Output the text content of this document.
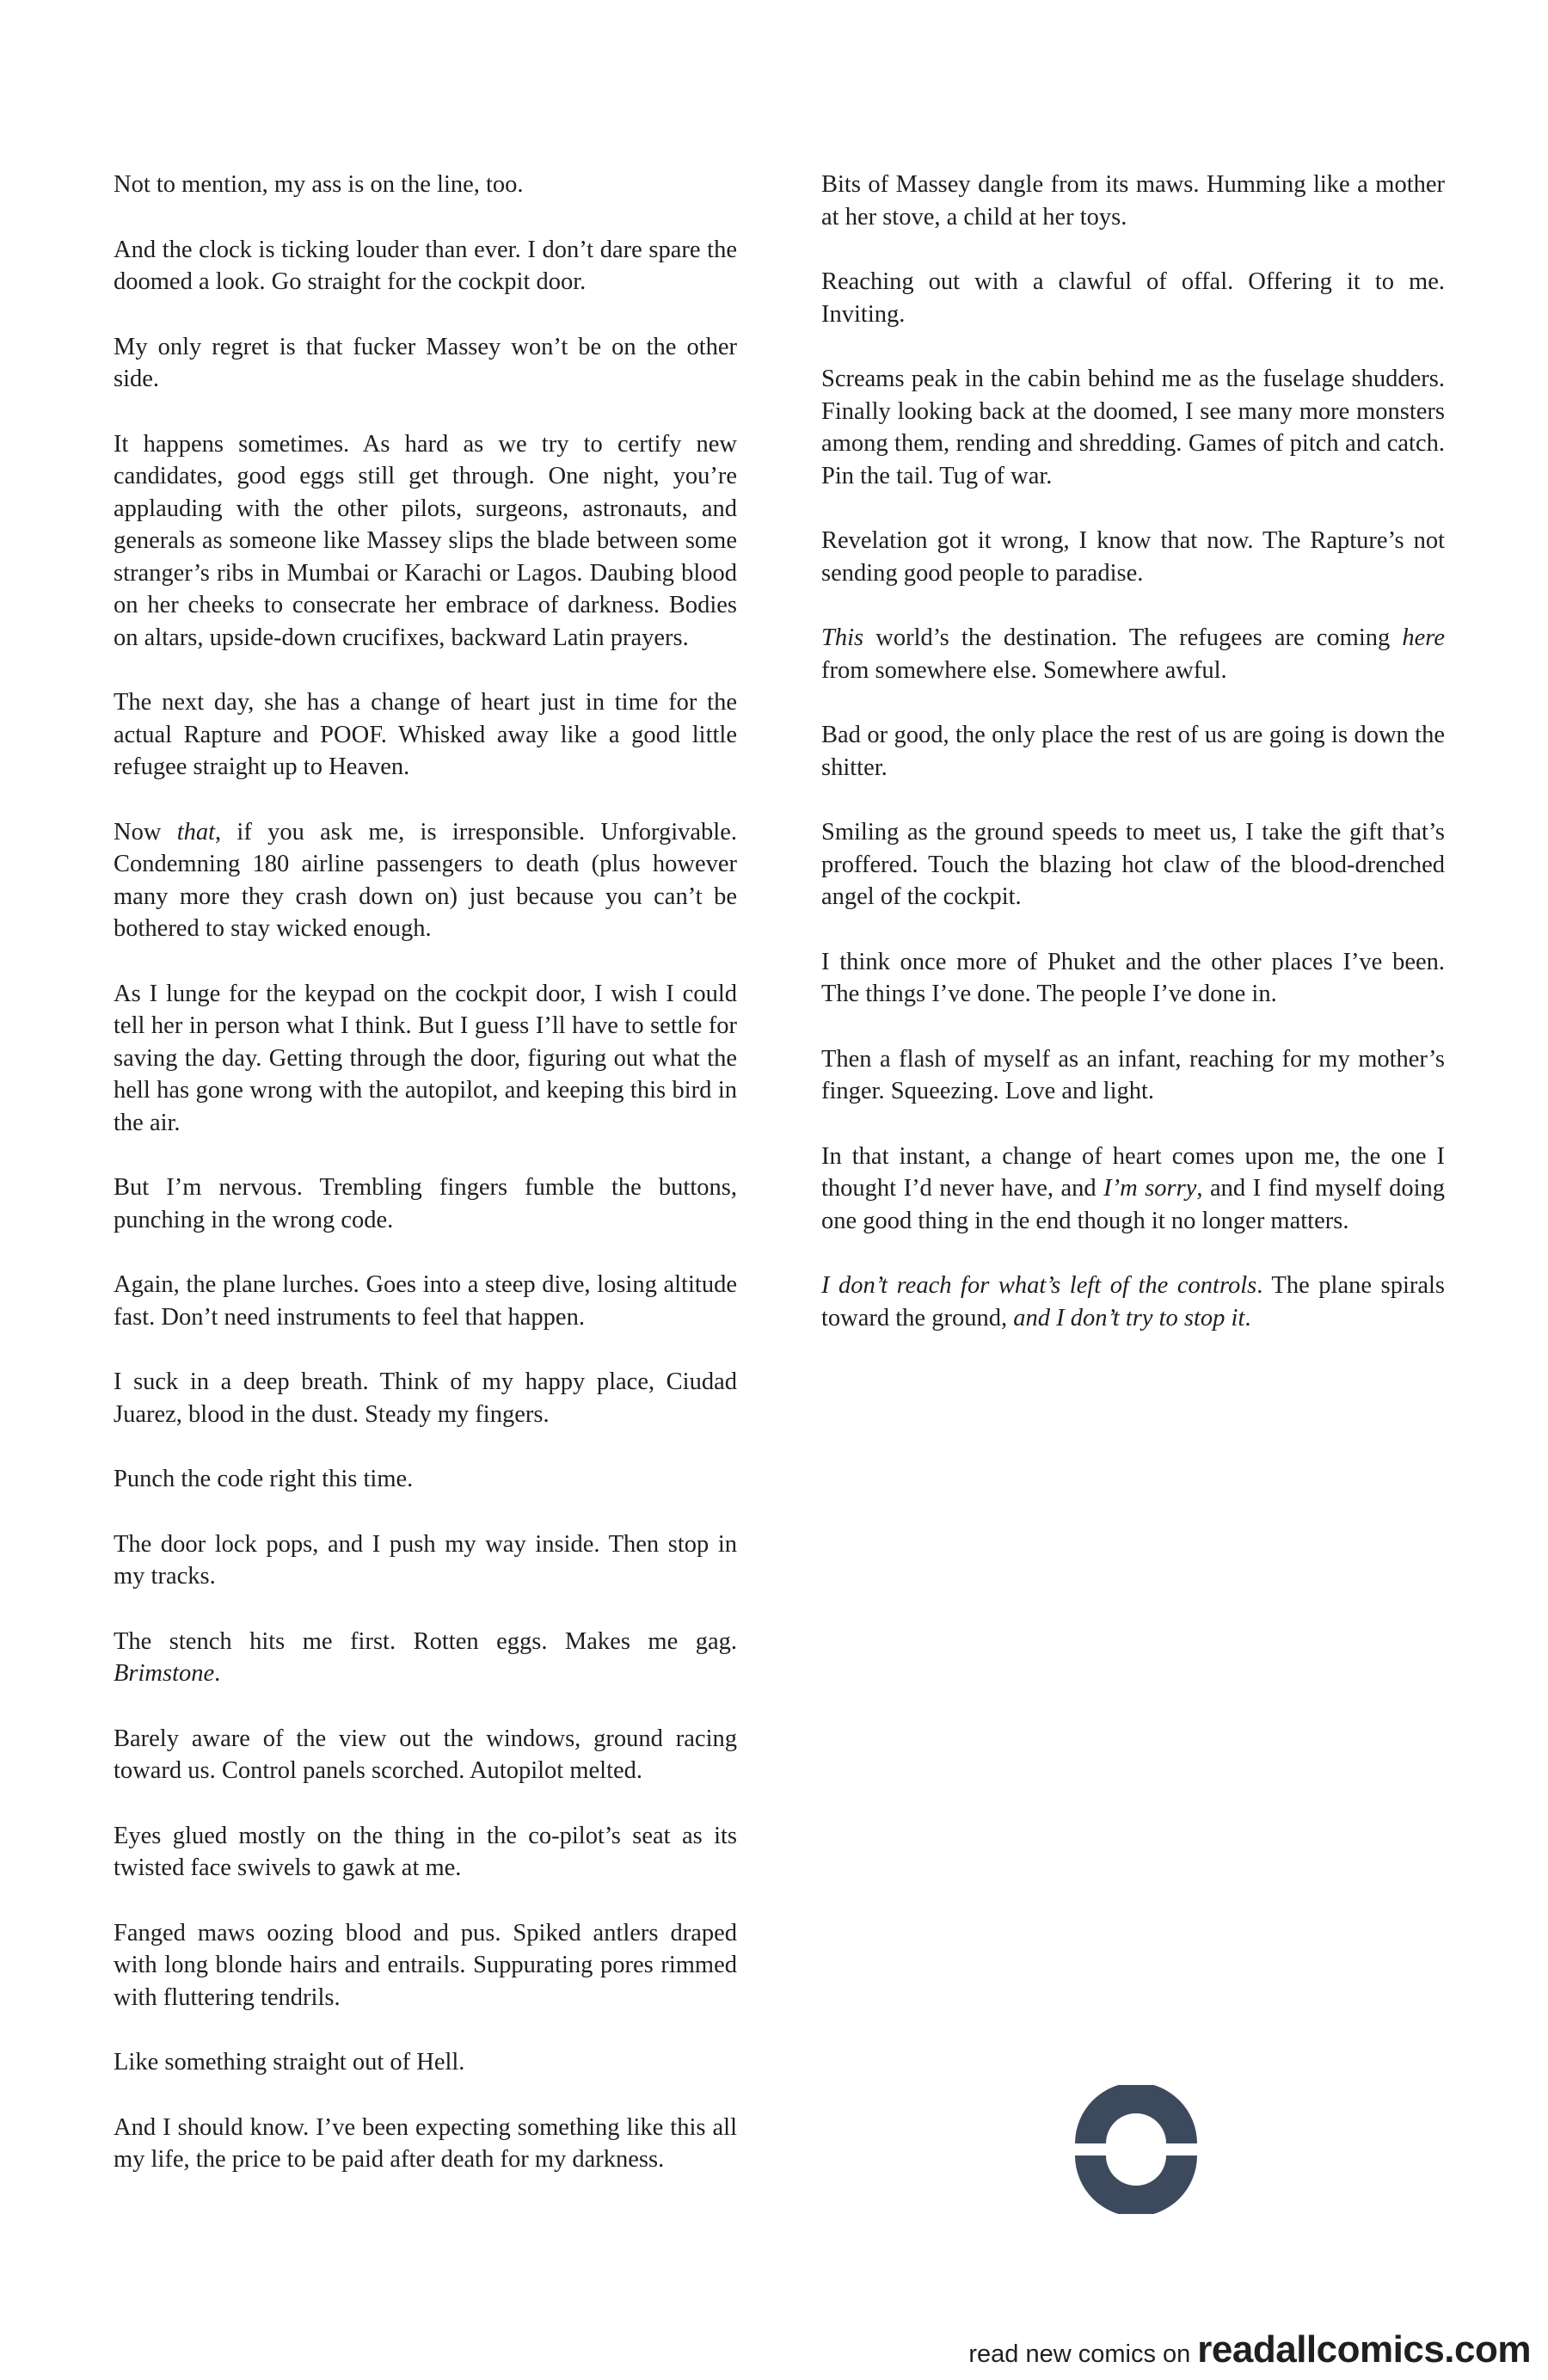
Not to mention, my ass is on the line, too.

And the clock is ticking louder than ever. I don’t dare spare the doomed a look. Go straight for the cockpit door.

My only regret is that fucker Massey won’t be on the other side.

It happens sometimes. As hard as we try to certify new candidates, good eggs still get through. One night, you’re applauding with the other pilots, surgeons, astronauts, and generals as someone like Massey slips the blade between some stranger’s ribs in Mumbai or Karachi or Lagos. Daubing blood on her cheeks to consecrate her embrace of darkness. Bodies on altars, upside-down crucifixes, backward Latin prayers.

The next day, she has a change of heart just in time for the actual Rapture and POOF. Whisked away like a good little refugee straight up to Heaven.

Now that, if you ask me, is irresponsible. Unforgivable. Condemning 180 airline passengers to death (plus however many more they crash down on) just because you can’t be bothered to stay wicked enough.

As I lunge for the keypad on the cockpit door, I wish I could tell her in person what I think. But I guess I’ll have to settle for saving the day. Getting through the door, figuring out what the hell has gone wrong with the autopilot, and keeping this bird in the air.

But I’m nervous. Trembling fingers fumble the buttons, punching in the wrong code.

Again, the plane lurches. Goes into a steep dive, losing altitude fast. Don’t need instruments to feel that happen.

I suck in a deep breath. Think of my happy place, Ciudad Juarez, blood in the dust. Steady my fingers.

Punch the code right this time.

The door lock pops, and I push my way inside. Then stop in my tracks.

The stench hits me first. Rotten eggs. Makes me gag. Brimstone.

Barely aware of the view out the windows, ground racing toward us. Control panels scorched. Autopilot melted.

Eyes glued mostly on the thing in the co-pilot’s seat as its twisted face swivels to gawk at me.

Fanged maws oozing blood and pus. Spiked antlers draped with long blonde hairs and entrails. Suppurating pores rimmed with fluttering tendrils.

Like something straight out of Hell.

And I should know. I’ve been expecting something like this all my life, the price to be paid after death for my darkness.

Bits of Massey dangle from its maws. Humming like a mother at her stove, a child at her toys.

Reaching out with a clawful of offal. Offering it to me. Inviting.

Screams peak in the cabin behind me as the fuselage shudders. Finally looking back at the doomed, I see many more monsters among them, rending and shredding. Games of pitch and catch. Pin the tail. Tug of war.

Revelation got it wrong, I know that now. The Rapture’s not sending good people to paradise.

This world’s the destination. The refugees are coming here from somewhere else. Somewhere awful.

Bad or good, the only place the rest of us are going is down the shitter.

Smiling as the ground speeds to meet us, I take the gift that’s proffered. Touch the blazing hot claw of the blood-drenched angel of the cockpit.

I think once more of Phuket and the other places I’ve been. The things I’ve done. The people I’ve done in.

Then a flash of myself as an infant, reaching for my mother’s finger. Squeezing. Love and light.

In that instant, a change of heart comes upon me, the one I thought I’d never have, and I’m sorry, and I find myself doing one good thing in the end though it no longer matters.

I don’t reach for what’s left of the controls. The plane spirals toward the ground, and I don’t try to stop it.

read new comics on readallcomics.com
